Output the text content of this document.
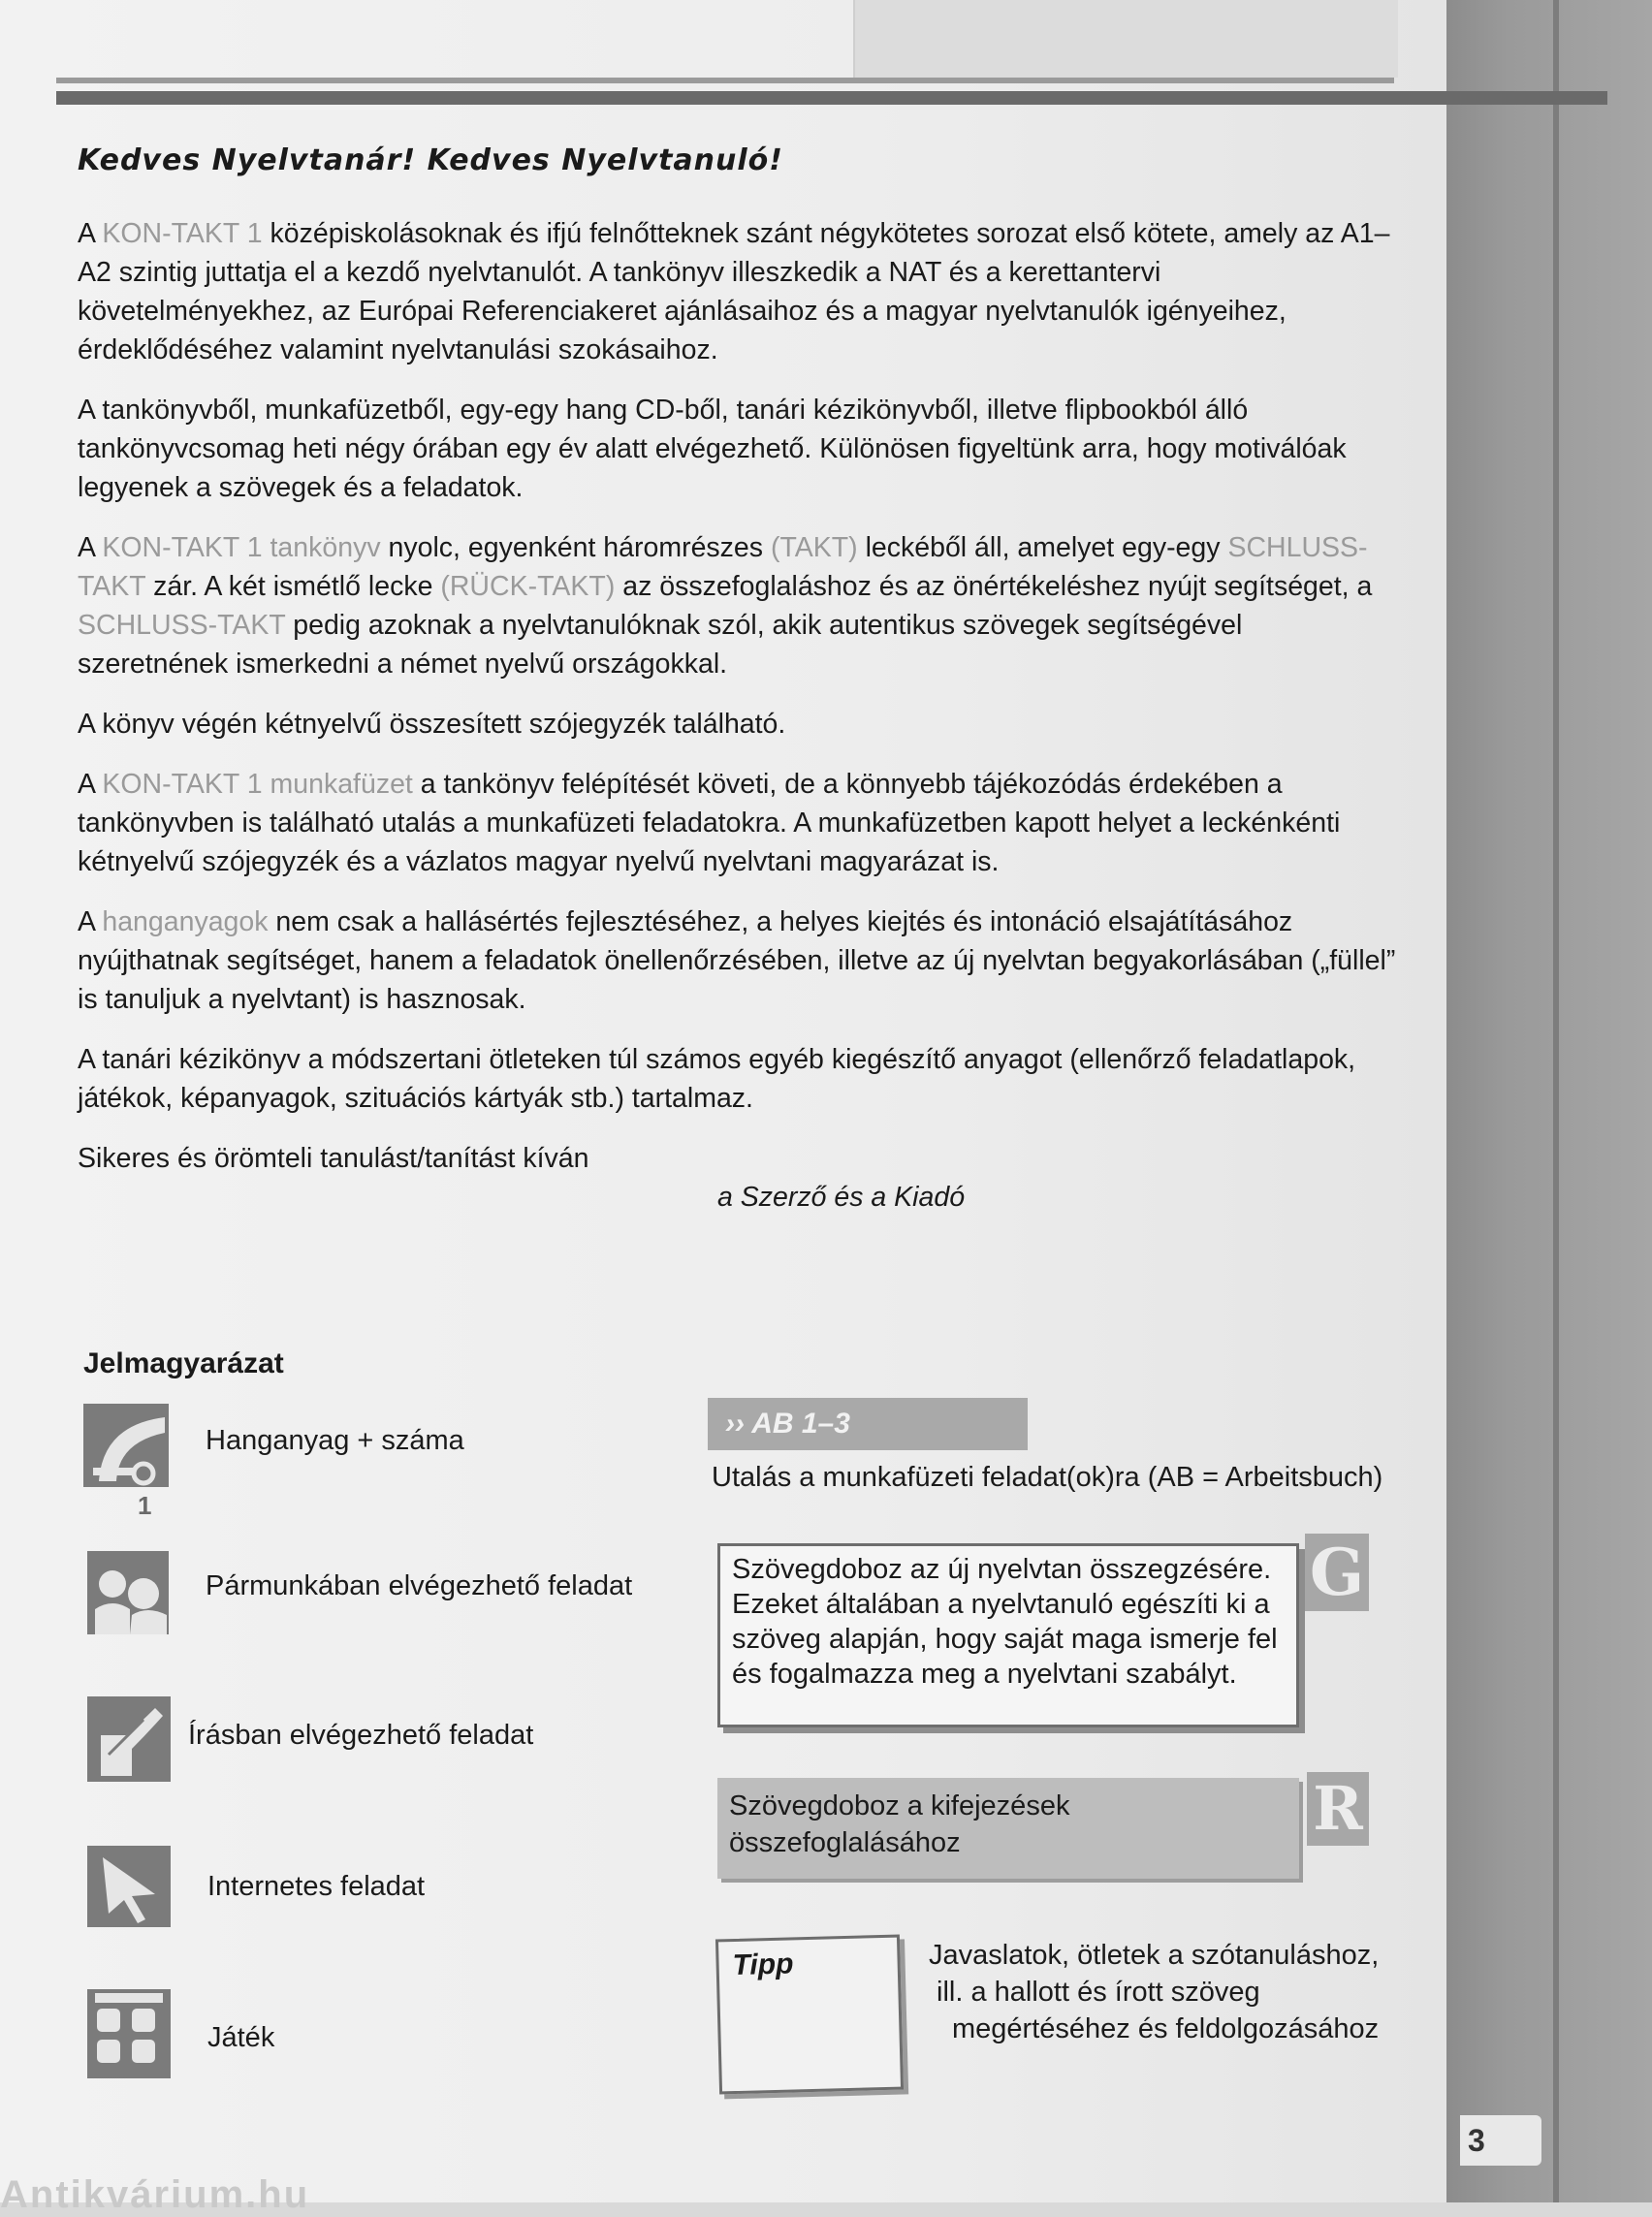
Kedves Nyelvtanár! Kedves Nyelvtanuló!

A KON-TAKT 1 középiskolásoknak és ifjú felnőtteknek szánt négykötetes sorozat első kötete, amely az A1–A2 szintig juttatja el a kezdő nyelvtanulót. A tankönyv illeszkedik a NAT és a kerettantervi követelményekhez, az Európai Referenciakeret ajánlásaihoz és a magyar nyelvtanulók igényeihez, érdeklődéséhez valamint nyelvtanulási szokásaihoz.

A tankönyvből, munkafüzetből, egy-egy hang CD-ből, tanári kézikönyvből, illetve flipbookból álló tankönyvcsomag heti négy órában egy év alatt elvégezhető. Különösen figyeltünk arra, hogy motiválóak legyenek a szövegek és a feladatok.

A KON-TAKT 1 tankönyv nyolc, egyenként háromrészes (TAKT) leckéből áll, amelyet egy-egy SCHLUSS-TAKT zár. A két ismétlő lecke (RÜCK-TAKT) az összefoglaláshoz és az önértékeléshez nyújt segítséget, a SCHLUSS-TAKT pedig azoknak a nyelvtanulóknak szól, akik autentikus szövegek segítségével szeretnének ismerkedni a német nyelvű országokkal.

A könyv végén kétnyelvű összesített szójegyzék található.

A KON-TAKT 1 munkafüzet a tankönyv felépítését követi, de a könnyebb tájékozódás érdekében a tankönyvben is található utalás a munkafüzeti feladatokra. A munkafüzetben kapott helyet a leckénkénti kétnyelvű szójegyzék és a vázlatos magyar nyelvű nyelvtani magyarázat is.

A hanganyagok nem csak a hallásértés fejlesztéséhez, a helyes kiejtés és intonáció elsajátításához nyújthatnak segítséget, hanem a feladatok önellenőrzésében, illetve az új nyelvtan begyakorlásában („füllel” is tanuljuk a nyelvtant) is hasznosak.

A tanári kézikönyv a módszertani ötleteken túl számos egyéb kiegészítő anyagot (ellenőrző feladatlapok, játékok, képanyagok, szituációs kártyák stb.) tartalmaz.

Sikeres és örömteli tanulást/tanítást kíván
a Szerző és a Kiadó
Jelmagyarázat
1
Hanganyag + száma
Pármunkában elvégezhető feladat
Írásban elvégezhető feladat
Internetes feladat
Játék
›› AB 1–3
Utalás a munkafüzeti feladat(ok)ra (AB = Arbeitsbuch)
Szövegdoboz az új nyelvtan összegzésére. Ezeket általában a nyelvtanuló egészíti ki a szöveg alapján, hogy saját maga ismerje fel és fogalmazza meg a nyelvtani szabályt.
G
Szövegdoboz a kifejezések összefoglalásához	R
Tipp	Javaslatok, ötletek a szótanuláshoz,
ill. a hallott és írott szöveg
megértéséhez és feldolgozásához
3
Antikvárium.hu
